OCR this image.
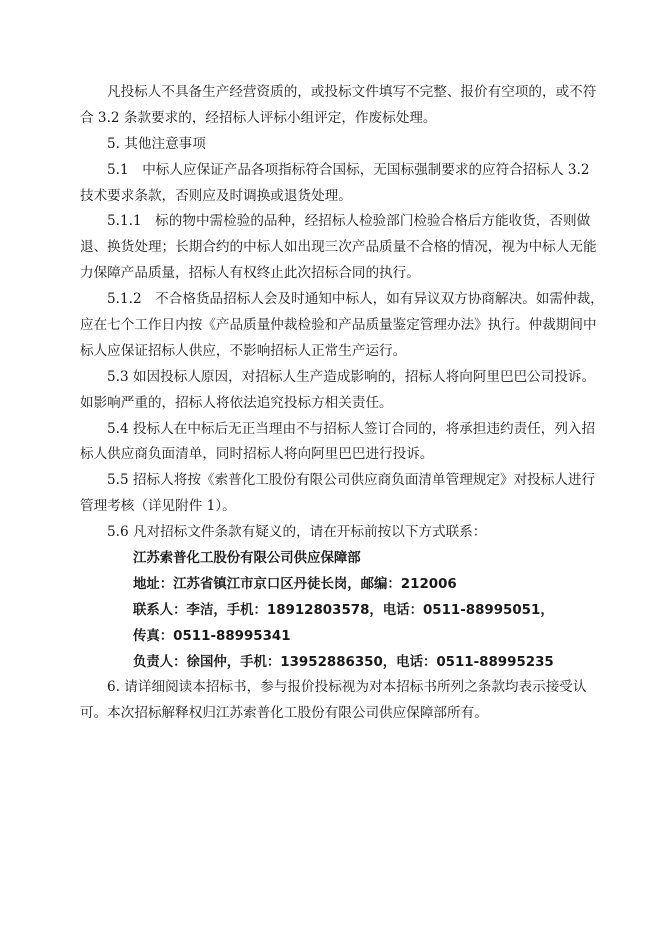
凡投标人不具备生产经营资质的，或投标文件填写不完整、报价有空项的，或不符
合 3.2 条款要求的，经招标人评标小组评定，作废标处理。
5. 其他注意事项
5.1　中标人应保证产品各项指标符合国标，无国标强制要求的应符合招标人 3.2
技术要求条款，否则应及时调换或退货处理。
5.1.1　标的物中需检验的品种，经招标人检验部门检验合格后方能收货，否则做
退、换货处理；长期合约的中标人如出现三次产品质量不合格的情况，视为中标人无能
力保障产品质量，招标人有权终止此次招标合同的执行。
5.1.2　不合格货品招标人会及时通知中标人，如有异议双方协商解决。如需仲裁，
应在七个工作日内按《产品质量仲裁检验和产品质量鉴定管理办法》执行。仲裁期间中
标人应保证招标人供应，不影响招标人正常生产运行。
5.3 如因投标人原因，对招标人生产造成影响的，招标人将向阿里巴巴公司投诉。
如影响严重的，招标人将依法追究投标方相关责任。
5.4 投标人在中标后无正当理由不与招标人签订合同的，将承担违约责任，列入招
标人供应商负面清单，同时招标人将向阿里巴巴进行投诉。
5.5 招标人将按《索普化工股份有限公司供应商负面清单管理规定》对投标人进行
管理考核（详见附件 1）。
5.6 凡对招标文件条款有疑义的，请在开标前按以下方式联系：
江苏索普化工股份有限公司供应保障部
地址：江苏省镇江市京口区丹徒长岗，邮编：212006
联系人：李洁，手机：18912803578，电话：0511-88995051，
传真：0511-88995341
负责人：徐国仲，手机：13952886350，电话：0511-88995235
6. 请详细阅读本招标书，参与报价投标视为对本招标书所列之条款均表示接受认
可。本次招标解释权归江苏索普化工股份有限公司供应保障部所有。
